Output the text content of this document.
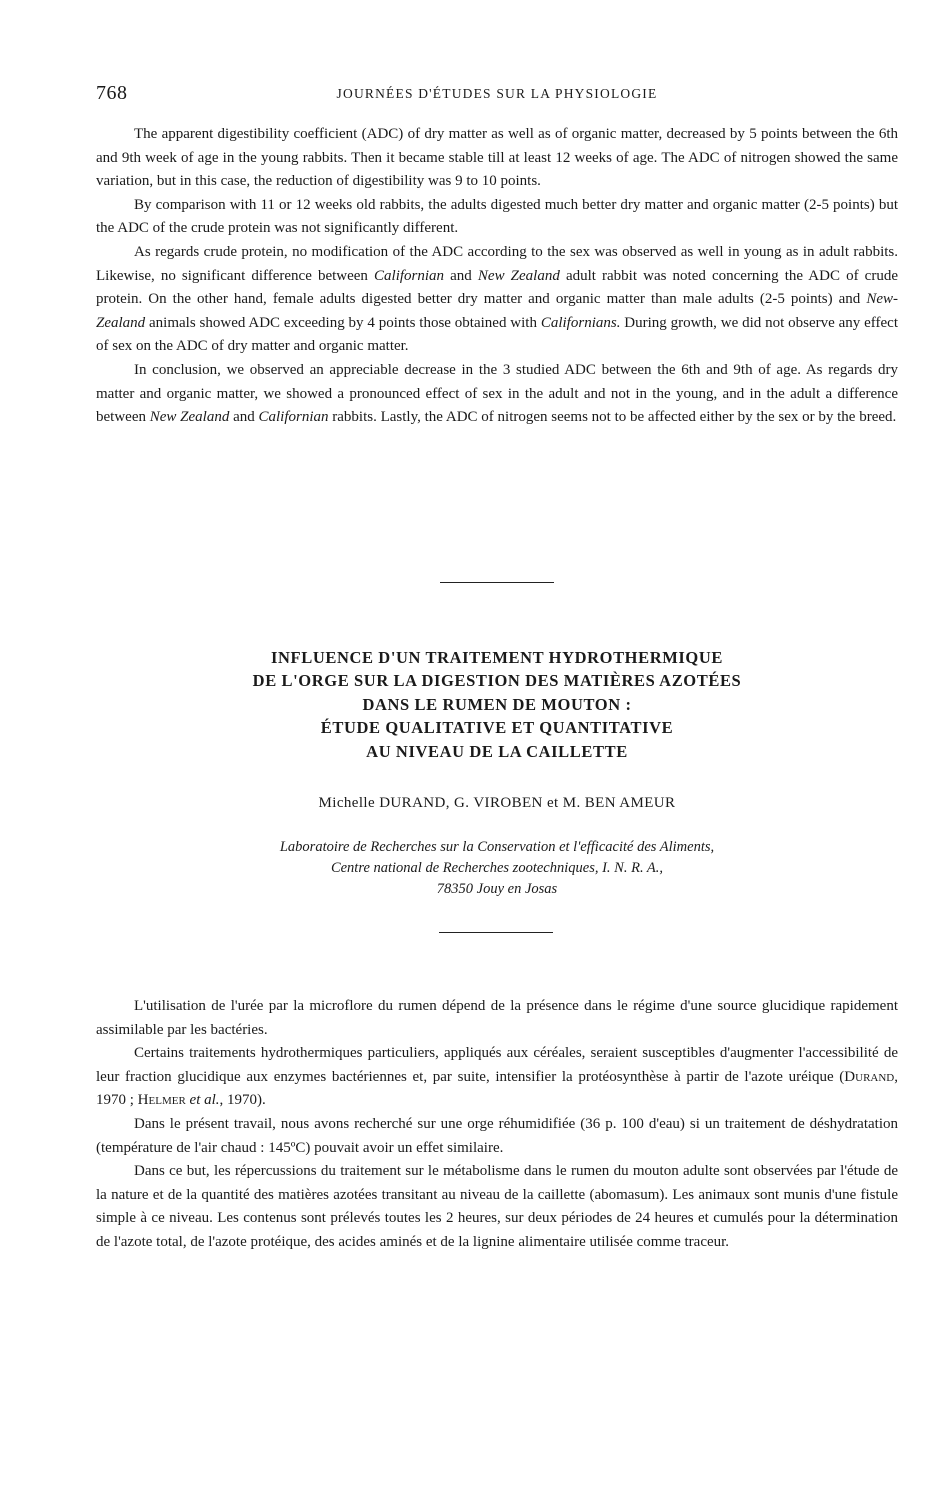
768	JOURNÉES D'ÉTUDES SUR LA PHYSIOLOGIE

The apparent digestibility coefficient (ADC) of dry matter as well as of organic matter, decreased by 5 points between the 6th and 9th week of age in the young rabbits. Then it became stable till at least 12 weeks of age. The ADC of nitrogen showed the same variation, but in this case, the reduction of digestibility was 9 to 10 points.

By comparison with 11 or 12 weeks old rabbits, the adults digested much better dry matter and organic matter (2-5 points) but the ADC of the crude protein was not significantly different.

As regards crude protein, no modification of the ADC according to the sex was observed as well in young as in adult rabbits. Likewise, no significant difference between Californian and New Zealand adult rabbit was noted concerning the ADC of crude protein. On the other hand, female adults digested better dry matter and organic matter than male adults (2-5 points) and New-Zealand animals showed ADC exceeding by 4 points those obtained with Californians. During growth, we did not observe any effect of sex on the ADC of dry matter and organic matter.

In conclusion, we observed an appreciable decrease in the 3 studied ADC between the 6th and 9th of age. As regards dry matter and organic matter, we showed a pronounced effect of sex in the adult and not in the young, and in the adult a difference between New Zealand and Californian rabbits. Lastly, the ADC of nitrogen seems not to be affected either by the sex or by the breed.

INFLUENCE D'UN TRAITEMENT HYDROTHERMIQUE
DE L'ORGE SUR LA DIGESTION DES MATIÈRES AZOTÉES
DANS LE RUMEN DE MOUTON :
ÉTUDE QUALITATIVE ET QUANTITATIVE
AU NIVEAU DE LA CAILLETTE
Michelle DURAND, G. VIROBEN et M. BEN AMEUR
Laboratoire de Recherches sur la Conservation et l'efficacité des Aliments,
Centre national de Recherches zootechniques, I. N. R. A.,
78350 Jouy en Josas

L'utilisation de l'urée par la microflore du rumen dépend de la présence dans le régime d'une source glucidique rapidement assimilable par les bactéries.

Certains traitements hydrothermiques particuliers, appliqués aux céréales, seraient susceptibles d'augmenter l'accessibilité de leur fraction glucidique aux enzymes bactériennes et, par suite, intensifier la protéosynthèse à partir de l'azote uréique (Durand, 1970 ; Helmer et al., 1970).

Dans le présent travail, nous avons recherché sur une orge réhumidifiée (36 p. 100 d'eau) si un traitement de déshydratation (température de l'air chaud : 145ºC) pouvait avoir un effet similaire.

Dans ce but, les répercussions du traitement sur le métabolisme dans le rumen du mouton adulte sont observées par l'étude de la nature et de la quantité des matières azotées transitant au niveau de la caillette (abomasum). Les animaux sont munis d'une fistule simple à ce niveau. Les contenus sont prélevés toutes les 2 heures, sur deux périodes de 24 heures et cumulés pour la détermination de l'azote total, de l'azote protéique, des acides aminés et de la lignine alimentaire utilisée comme traceur.
